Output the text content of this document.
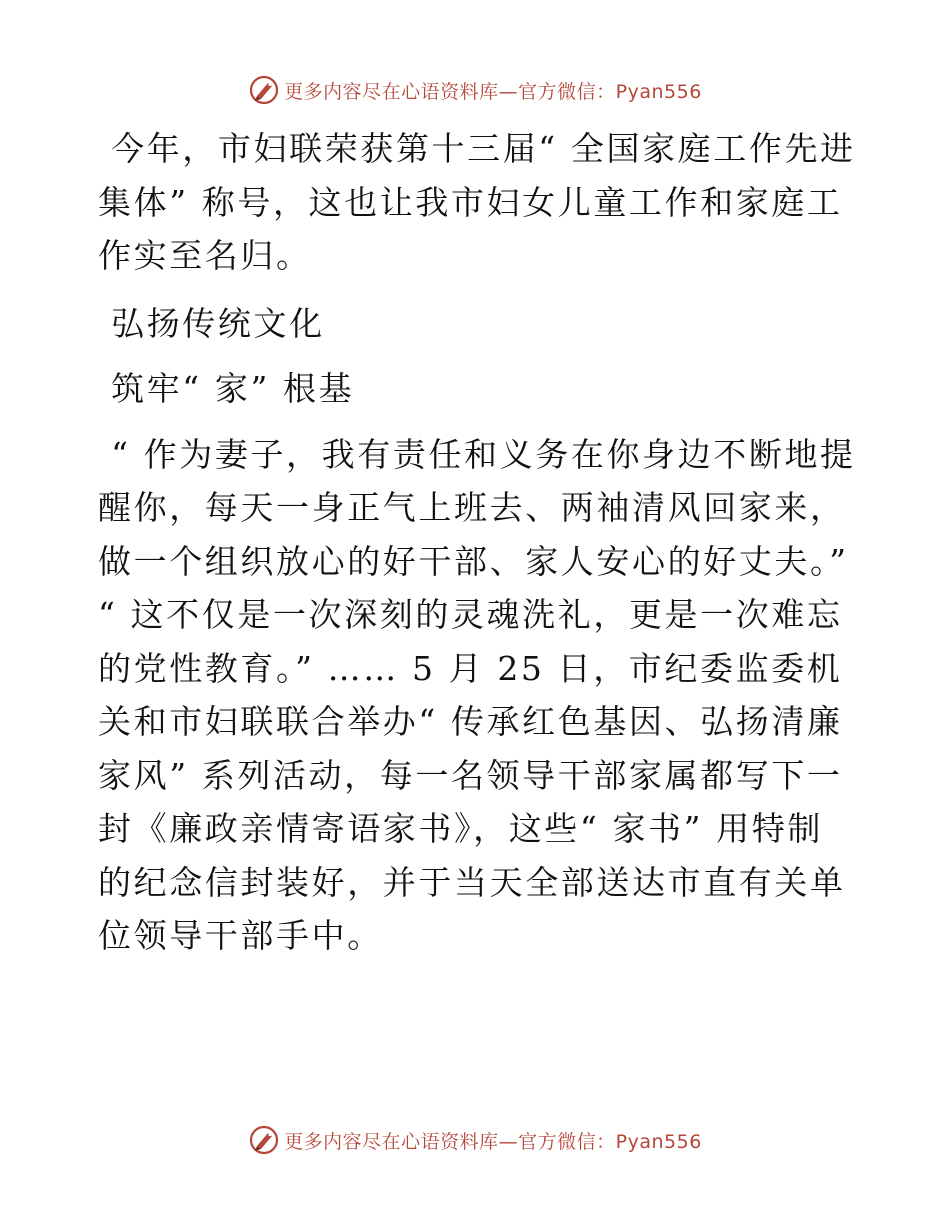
更多内容尽在心语资料库—官方微信：Pyan556

今年，市妇联荣获第十三届“ 全国家庭工作先进集体” 称号，这也让我市妇女儿童工作和家庭工作实至名归。

弘扬传统文化

筑牢“ 家” 根基

“ 作为妻子，我有责任和义务在你身边不断地提醒你，每天一身正气上班去、两袖清风回家来，做一个组织放心的好干部、家人安心的好丈夫。” “ 这不仅是一次深刻的灵魂洗礼，更是一次难忘的党性教育。” …… 5 月 25 日，市纪委监委机关和市妇联联合举办“ 传承红色基因、弘扬清廉家风” 系列活动，每一名领导干部家属都写下一封《廉政亲情寄语家书》，这些“ 家书” 用特制的纪念信封装好，并于当天全部送达市直有关单位领导干部手中。

更多内容尽在心语资料库—官方微信：Pyan556
